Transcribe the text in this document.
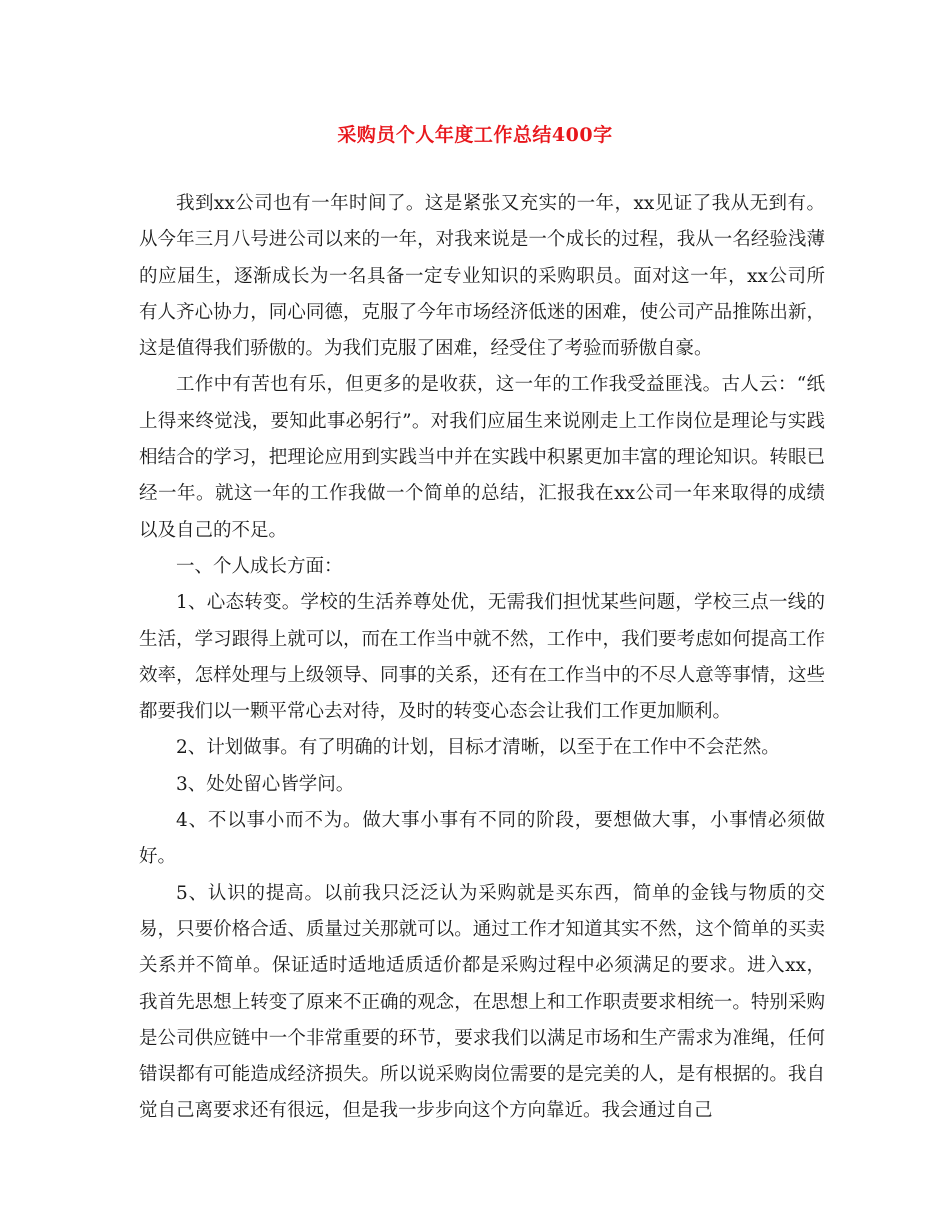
采购员个人年度工作总结400字

我到xx公司也有一年时间了。这是紧张又充实的一年，xx见证了我从无到有。从今年三月八号进公司以来的一年，对我来说是一个成长的过程，我从一名经验浅薄的应届生，逐渐成长为一名具备一定专业知识的采购职员。面对这一年，xx公司所有人齐心协力，同心同德，克服了今年市场经济低迷的困难，使公司产品推陈出新，这是值得我们骄傲的。为我们克服了困难，经受住了考验而骄傲自豪。

工作中有苦也有乐，但更多的是收获，这一年的工作我受益匪浅。古人云：“纸上得来终觉浅，要知此事必躬行”。对我们应届生来说刚走上工作岗位是理论与实践相结合的学习，把理论应用到实践当中并在实践中积累更加丰富的理论知识。转眼已经一年。就这一年的工作我做一个简单的总结，汇报我在xx公司一年来取得的成绩以及自己的不足。

一、个人成长方面：

1、心态转变。学校的生活养尊处优，无需我们担忧某些问题，学校三点一线的生活，学习跟得上就可以，而在工作当中就不然，工作中，我们要考虑如何提高工作效率，怎样处理与上级领导、同事的关系，还有在工作当中的不尽人意等事情，这些都要我们以一颗平常心去对待，及时的转变心态会让我们工作更加顺利。

2、计划做事。有了明确的计划，目标才清晰，以至于在工作中不会茫然。

3、处处留心皆学问。

4、不以事小而不为。做大事小事有不同的阶段，要想做大事，小事情必须做好。

5、认识的提高。以前我只泛泛认为采购就是买东西，简单的金钱与物质的交易，只要价格合适、质量过关那就可以。通过工作才知道其实不然，这个简单的买卖关系并不简单。保证适时适地适质适价都是采购过程中必须满足的要求。进入xx，我首先思想上转变了原来不正确的观念，在思想上和工作职责要求相统一。特别采购是公司供应链中一个非常重要的环节，要求我们以满足市场和生产需求为准绳，任何错误都有可能造成经济损失。所以说采购岗位需要的是完美的人，是有根据的。我自觉自己离要求还有很远，但是我一步步向这个方向靠近。我会通过自己
